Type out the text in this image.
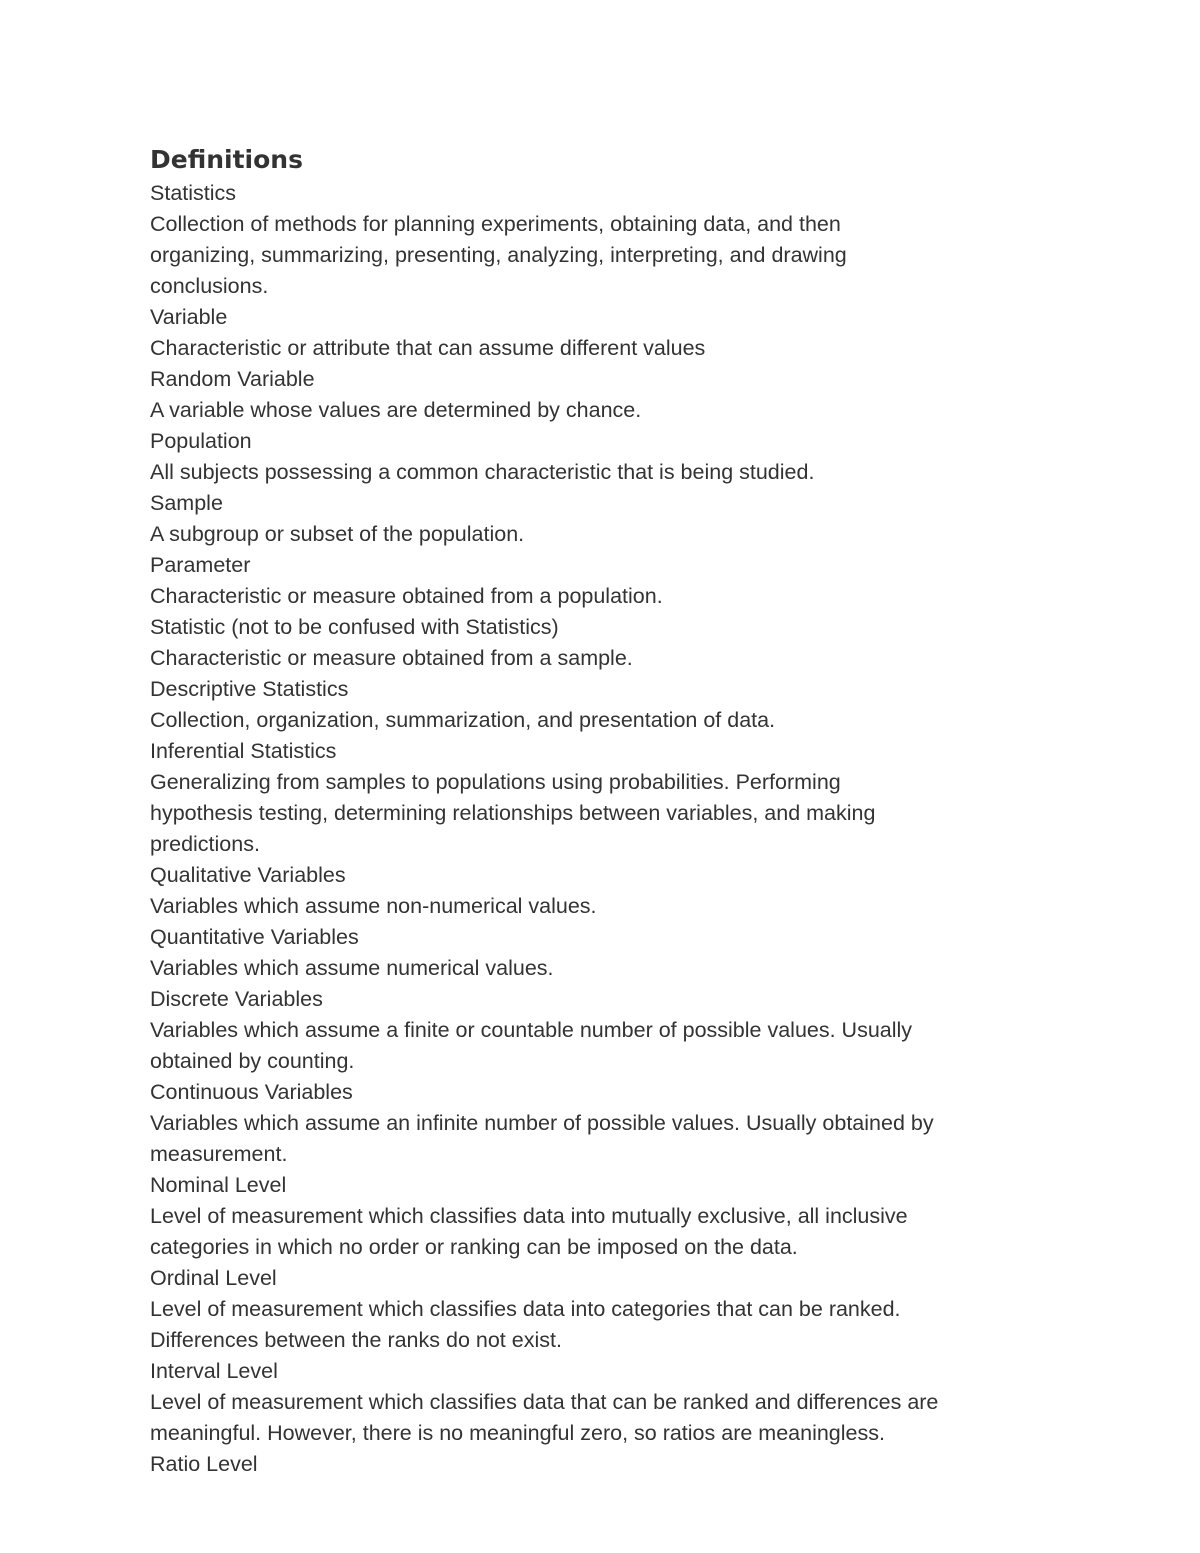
Definitions
Statistics
Collection of methods for planning experiments, obtaining data, and then
organizing, summarizing, presenting, analyzing, interpreting, and drawing
conclusions.
Variable
Characteristic or attribute that can assume different values
Random Variable
A variable whose values are determined by chance.
Population
All subjects possessing a common characteristic that is being studied.
Sample
A subgroup or subset of the population.
Parameter
Characteristic or measure obtained from a population.
Statistic (not to be confused with Statistics)
Characteristic or measure obtained from a sample.
Descriptive Statistics
Collection, organization, summarization, and presentation of data.
Inferential Statistics
Generalizing from samples to populations using probabilities. Performing
hypothesis testing, determining relationships between variables, and making
predictions.
Qualitative Variables
Variables which assume non-numerical values.
Quantitative Variables
Variables which assume numerical values.
Discrete Variables
Variables which assume a finite or countable number of possible values. Usually
obtained by counting.
Continuous Variables
Variables which assume an infinite number of possible values. Usually obtained by
measurement.
Nominal Level
Level of measurement which classifies data into mutually exclusive, all inclusive
categories in which no order or ranking can be imposed on the data.
Ordinal Level
Level of measurement which classifies data into categories that can be ranked.
Differences between the ranks do not exist.
Interval Level
Level of measurement which classifies data that can be ranked and differences are
meaningful. However, there is no meaningful zero, so ratios are meaningless.
Ratio Level
